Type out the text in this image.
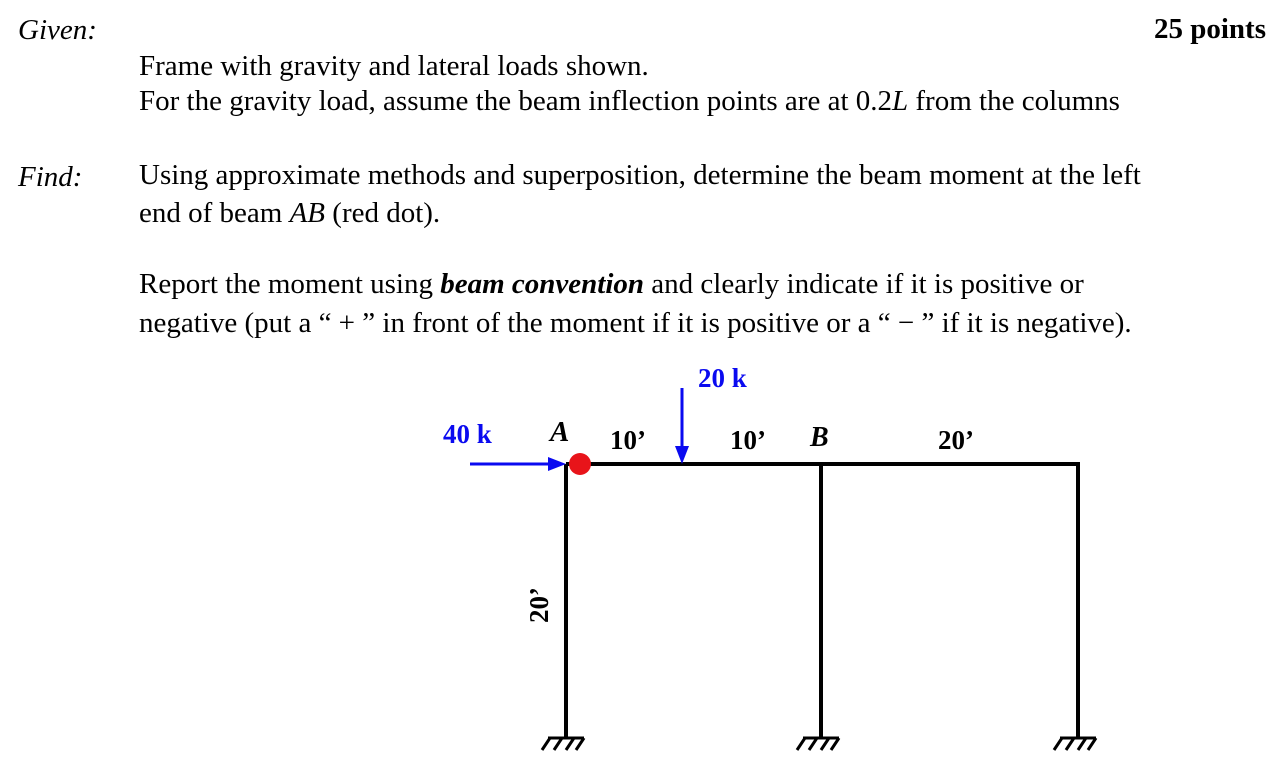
Given:	25 points
Frame with gravity and lateral loads shown.
For the gravity load, assume the beam inflection points are at 0.2L from the columns
Find: Using approximate methods and superposition, determine the beam moment at the left
end of beam AB (red dot).
Report the moment using beam convention and clearly indicate if it is positive or
negative (put a “ + ” in front of the moment if it is positive or a “ − ” if it is negative).
40 k
20 k
A	B
10’	10’	20’
20’
